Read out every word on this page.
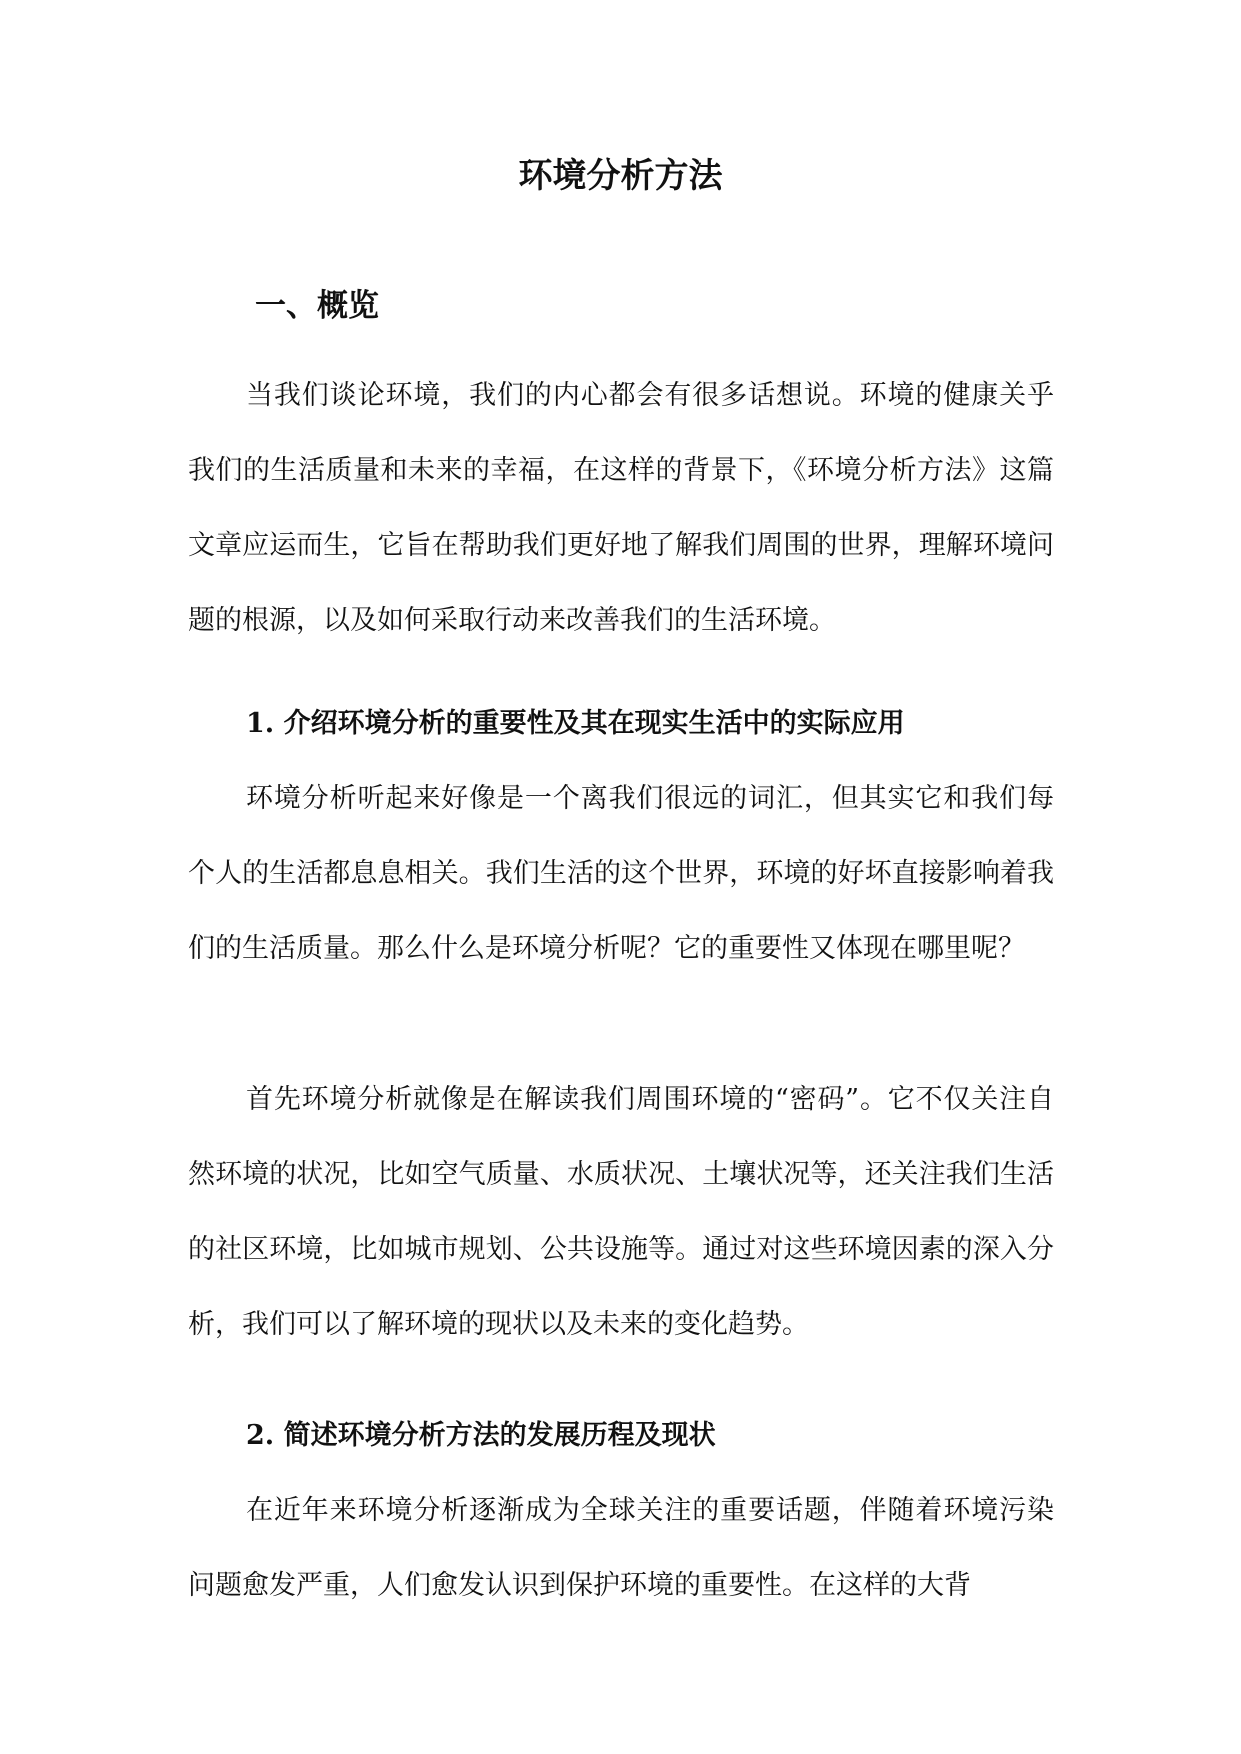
环境分析方法
一、概览

当我们谈论环境，我们的内心都会有很多话想说。环境的健康关乎我们的生活质量和未来的幸福，在这样的背景下，《环境分析方法》这篇文章应运而生，它旨在帮助我们更好地了解我们周围的世界，理解环境问题的根源，以及如何采取行动来改善我们的生活环境。

1. 介绍环境分析的重要性及其在现实生活中的实际应用

环境分析听起来好像是一个离我们很远的词汇，但其实它和我们每个人的生活都息息相关。我们生活的这个世界，环境的好坏直接影响着我们的生活质量。那么什么是环境分析呢？它的重要性又体现在哪里呢？

首先环境分析就像是在解读我们周围环境的“密码”。它不仅关注自然环境的状况，比如空气质量、水质状况、土壤状况等，还关注我们生活的社区环境，比如城市规划、公共设施等。通过对这些环境因素的深入分析，我们可以了解环境的现状以及未来的变化趋势。

2. 简述环境分析方法的发展历程及现状

在近年来环境分析逐渐成为全球关注的重要话题，伴随着环境污染问题愈发严重，人们愈发认识到保护环境的重要性。在这样的大背
